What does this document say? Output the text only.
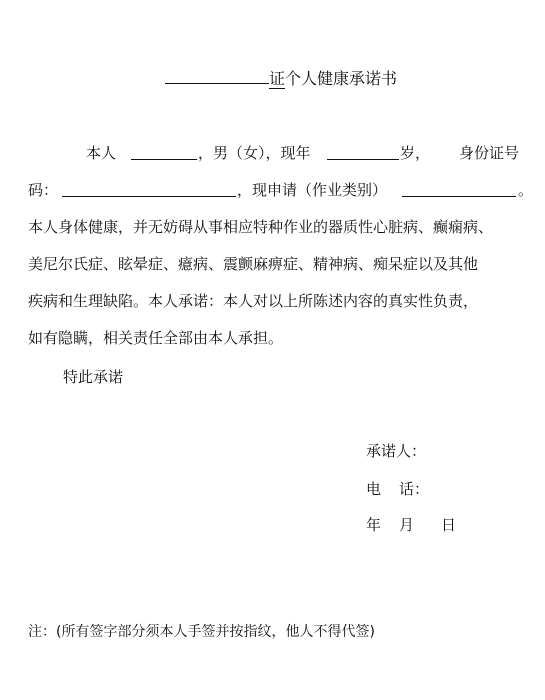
证个人健康承诺书
本人	，男（女），现年	岁， 身份证号
码：	，现申请（作业类别）	。
本人身体健康，并无妨碍从事相应特种作业的器质性心脏病、癫痫病、
美尼尔氏症、眩晕症、癔病、震颤麻痹症、精神病、痴呆症以及其他
疾病和生理缺陷。本人承诺：本人对以上所陈述内容的真实性负责，
如有隐瞒，相关责任全部由本人承担。
特此承诺
承诺人：
电 话：
年 月 日
注：(所有签字部分须本人手签并按指纹，他人不得代签)
